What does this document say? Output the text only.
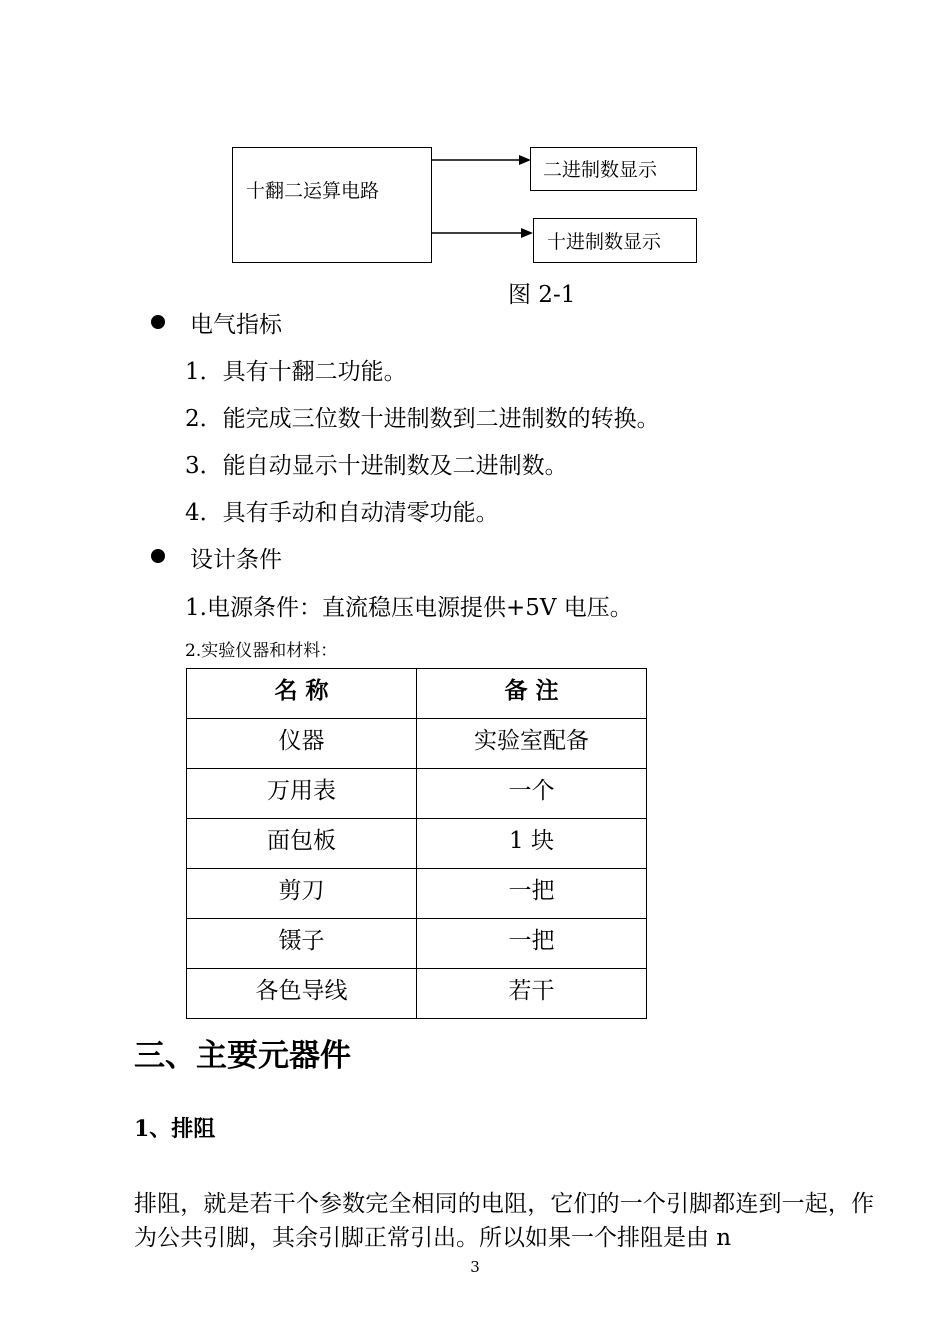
十翻二运算电路
二进制数显示
十进制数显示
图 2-1
电气指标
1．具有十翻二功能。
2．能完成三位数十进制数到二进制数的转换。
3．能自动显示十进制数及二进制数。
4．具有手动和自动清零功能。
设计条件
1.电源条件：直流稳压电源提供+5V 电压。
2.实验仪器和材料：
名 称	备 注
仪器	实验室配备
万用表	一个
面包板	1 块
剪刀	一把
镊子	一把
各色导线	若干
三、主要元器件
1、排阻
排阻，就是若干个参数完全相同的电阻，它们的一个引脚都连到一起，作为公共引脚，其余引脚正常引出。所以如果一个排阻是由 n
3
